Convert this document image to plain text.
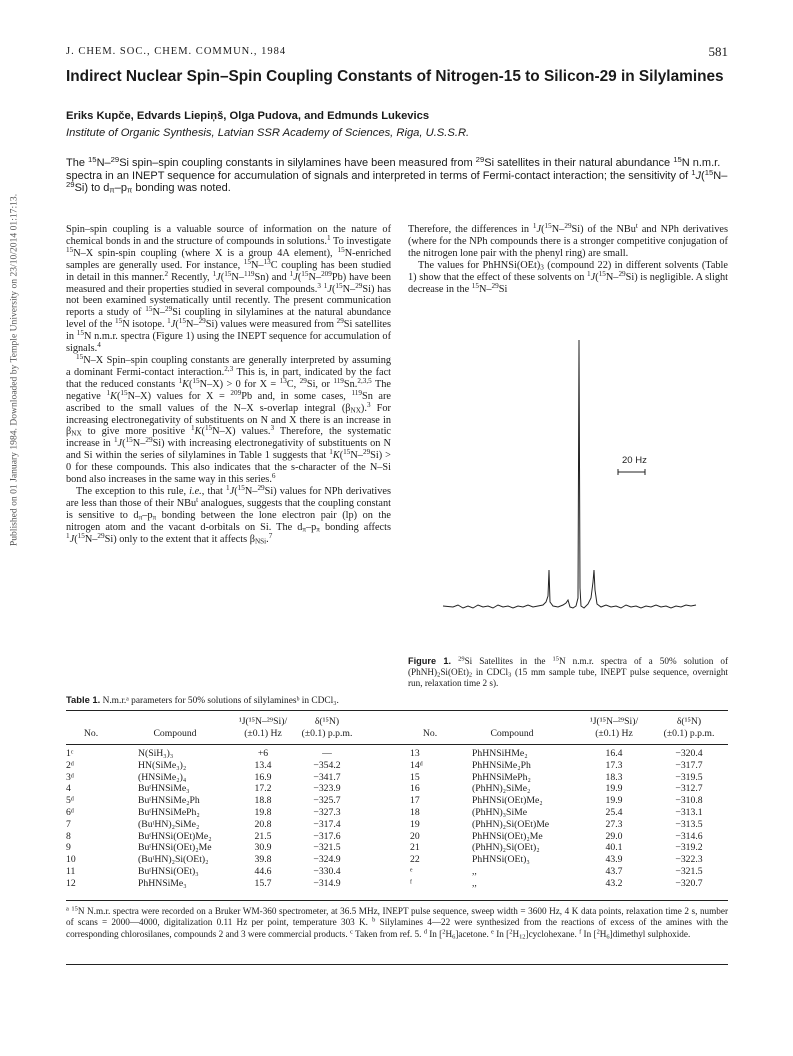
J. CHEM. SOC., CHEM. COMMUN., 1984	581
Indirect Nuclear Spin–Spin Coupling Constants of Nitrogen-15 to Silicon-29 in Silylamines
Eriks Kupče, Edvards Liepiņš, Olga Pudova, and Edmunds Lukevics
Institute of Organic Synthesis, Latvian SSR Academy of Sciences, Riga, U.S.S.R.
The $^{15}$N–$^{29}$Si spin–spin coupling constants in silylamines have been measured from $^{29}$Si satellites in their natural abundance $^{15}$N n.m.r. spectra in an INEPT sequence for accumulation of signals and interpreted in terms of Fermi-contact interaction; the sensitivity of $^1$J($^{15}$N–$^{29}$Si) to $d_\pi-p_\pi$ bonding was noted.
Published on 01 January 1984. Downloaded by Temple University on 23/10/2014 01:17:13.	Spin–spin coupling is a valuable source of information on the nature of chemical bonds in and the structure of compounds in solutions.$^1$ To investigate $^{15}$N–X spin-spin coupling (where X is a group 4A element), $^{15}$N-enriched samples are generally used. For instance, $^{15}$N–$^{13}$C coupling has been studied in detail in this manner.$^2$ Recently, $^1$J($^{15}$N–$^{119}$Sn) and $^1$J($^{15}$N–$^{209}$Pb) have been measured and their properties studied in several compounds.$^3$ $^1$J($^{15}$N–$^{29}$Si) has not been examined systematically until recently. The present communication reports a study of $^{15}$N–$^{29}$Si coupling in silylamines at the natural abundance level of the $^{15}$N isotope. $^1$J($^{15}$N–$^{29}$Si) values were measured from $^{29}$Si satellites in $^{15}$N n.m.r. spectra (Figure 1) using the INEPT sequence for accumulation of signals.$^4$

$^{15}$N–X Spin–spin coupling constants are generally interpreted by assuming a dominant Fermi-contact interaction.$^{2,3}$ This is, in part, indicated by the fact that the reduced constants $^1$K($^{15}$N–X) > 0 for X = $^{13}$C, $^{29}$Si, or $^{119}$Sn.$^{2,3,5}$ The negative $^1$K($^{15}$N–X) values for X = $^{209}$Pb and, in some cases, $^{119}$Sn are ascribed to the small values of the N–X s-overlap integral $(\beta_{NX}).^3$ For increasing electronegativity of substituents on N and X there is an increase in $\beta_{NX}$ to give more positive $^1$K($^{15}$N–X) values.$^3$ Therefore, the systematic increase in $^1$J($^{15}$N–$^{29}$Si) with increasing electronegativity of substituents on N and Si within the series of silylamines in Table 1 suggests that $^1$K($^{15}$N–$^{29}$Si) > 0 for these compounds. This also indicates that the s-character of the N–Si bond also increases in the same way in this series.$^6$

The exception to this rule, i.e., that $^1$J($^{15}$N–$^{29}$Si) values for NPh derivatives are less than those of their NBu$^t$ analogues, suggests that the coupling constant is sensitive to $d_\pi-p_\pi$ bonding between the lone electron pair (lp) on the nitrogen atom and the vacant d-orbitals on Si. The $d_\pi-p_\pi$ bonding affects $^1$J($^{15}$N–$^{29}$Si) only to the extent that it affects $\beta_{NSi}.^7$

Therefore, the differences in $^1$J($^{15}$N–$^{29}$Si) of the NBu$^t$ and NPh derivatives (where for the NPh compounds there is a stronger competitive conjugation of the nitrogen lone pair with the phenyl ring) are small.

The values for $PhHNSi(OEt)_3$ (compound 22) in different solvents (Table 1) show that the effect of these solvents on $^1$J($^{15}$N–$^{29}$Si) is negligible. A slight decrease in the $^{15}$N–$^{29}$Si

20 Hz
Figure 1. $^{29}$Si Satellites in the $^{15}$N n.m.r. spectra of a 50% solution of $(PhNH)_2Si(OEt)_2$ in CDCl$_3$ (15 mm sample tube, INEPT pulse sequence, overnight run, relaxation time 2 s).
Table 1. N.m.r.ᵃ parameters for 50% solutions of silylaminesᵇ in CDCl₃.
		¹J(¹⁵N–²⁹Si)/	δ(¹⁵N)
No.	Compound	(±0.1) Hz	(±0.1) p.p.m.
		¹J(¹⁵N–²⁹Si)/	δ(¹⁵N)
No.	Compound	(±0.1) Hz	(±0.1) p.p.m.
1ᶜ	N(SiH₃)₃	+6	—
2ᵈ	HN(SiMe₃)₂	13.4	−354.2
3ᵈ	(HNSiMe₂)₄	16.9	−341.7
4	BuᵗHNSiMe₃	17.2	−323.9
5ᵈ	BuᵗHNSiMe₂Ph	18.8	−325.7
6ᵈ	BuᵗHNSiMePh₂	19.8	−327.3
7	(BuᵗHN)₂SiMe₂	20.8	−317.4
8	BuᵗHNSi(OEt)Me₂	21.5	−317.6
9	BuᵗHNSi(OEt)₂Me	30.9	−321.5
10	(BuᵗHN)₂Si(OEt)₂	39.8	−324.9
11	BuᵗHNSi(OEt)₃	44.6	−330.4
12	PhHNSiMe₃	15.7	−314.9
13	PhHNSiHMe₂	16.4	−320.4
14ᵈ	PhHNSiMe₂Ph	17.3	−317.7
15	PhHNSiMePh₂	18.3	−319.5
16	(PhHN)₂SiMe₂	19.9	−312.7
17	PhHNSi(OEt)Me₂	19.9	−310.8
18	(PhHN)₃SiMe	25.4	−313.1
19	(PhHN)₂Si(OEt)Me	27.3	−313.5
20	PhHNSi(OEt)₂Me	29.0	−314.6
21	(PhHN)₂Si(OEt)₂	40.1	−319.2
22	PhHNSi(OEt)₃	43.9	−322.3
ᵉ	,,	43.7	−321.5
ᶠ	,,	43.2	−320.7
$^a$ $^{15}$N N.m.r. spectra were recorded on a Bruker WM-360 spectrometer, at 36.5 MHz, INEPT pulse sequence, sweep width = 3600 Hz, 4 K data points, relaxation time 2 s, number of scans = 2000—4000, digitalization 0.11 Hz per point, temperature 303 K. $^b$ Silylamines 4—22 were synthesized from the reactions of excess of the amines with the corresponding chlorosilanes, compounds 2 and 3 were commercial products. $^c$ Taken from ref. 5. $^d$ In $[^2H_6]acetone$. $^e$ In $[^2H_{12}]cyclohexane$. $^f$ In $[^2H_6]dimethyl$ sulphoxide.
